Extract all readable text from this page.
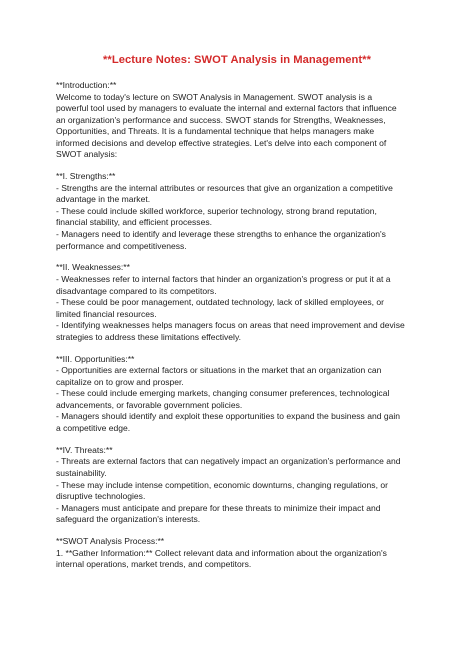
**Lecture Notes: SWOT Analysis in Management**
**Introduction:**
Welcome to today's lecture on SWOT Analysis in Management. SWOT analysis is a
powerful tool used by managers to evaluate the internal and external factors that influence
an organization's performance and success. SWOT stands for Strengths, Weaknesses,
Opportunities, and Threats. It is a fundamental technique that helps managers make
informed decisions and develop effective strategies. Let's delve into each component of
SWOT analysis:
**I. Strengths:**
- Strengths are the internal attributes or resources that give an organization a competitive
advantage in the market.
- These could include skilled workforce, superior technology, strong brand reputation,
financial stability, and efficient processes.
- Managers need to identify and leverage these strengths to enhance the organization's
performance and competitiveness.
**II. Weaknesses:**
- Weaknesses refer to internal factors that hinder an organization's progress or put it at a
disadvantage compared to its competitors.
- These could be poor management, outdated technology, lack of skilled employees, or
limited financial resources.
- Identifying weaknesses helps managers focus on areas that need improvement and devise
strategies to address these limitations effectively.
**III. Opportunities:**
- Opportunities are external factors or situations in the market that an organization can
capitalize on to grow and prosper.
- These could include emerging markets, changing consumer preferences, technological
advancements, or favorable government policies.
- Managers should identify and exploit these opportunities to expand the business and gain
a competitive edge.
**IV. Threats:**
- Threats are external factors that can negatively impact an organization's performance and
sustainability.
- These may include intense competition, economic downturns, changing regulations, or
disruptive technologies.
- Managers must anticipate and prepare for these threats to minimize their impact and
safeguard the organization's interests.
**SWOT Analysis Process:**
1. **Gather Information:** Collect relevant data and information about the organization's
internal operations, market trends, and competitors.
